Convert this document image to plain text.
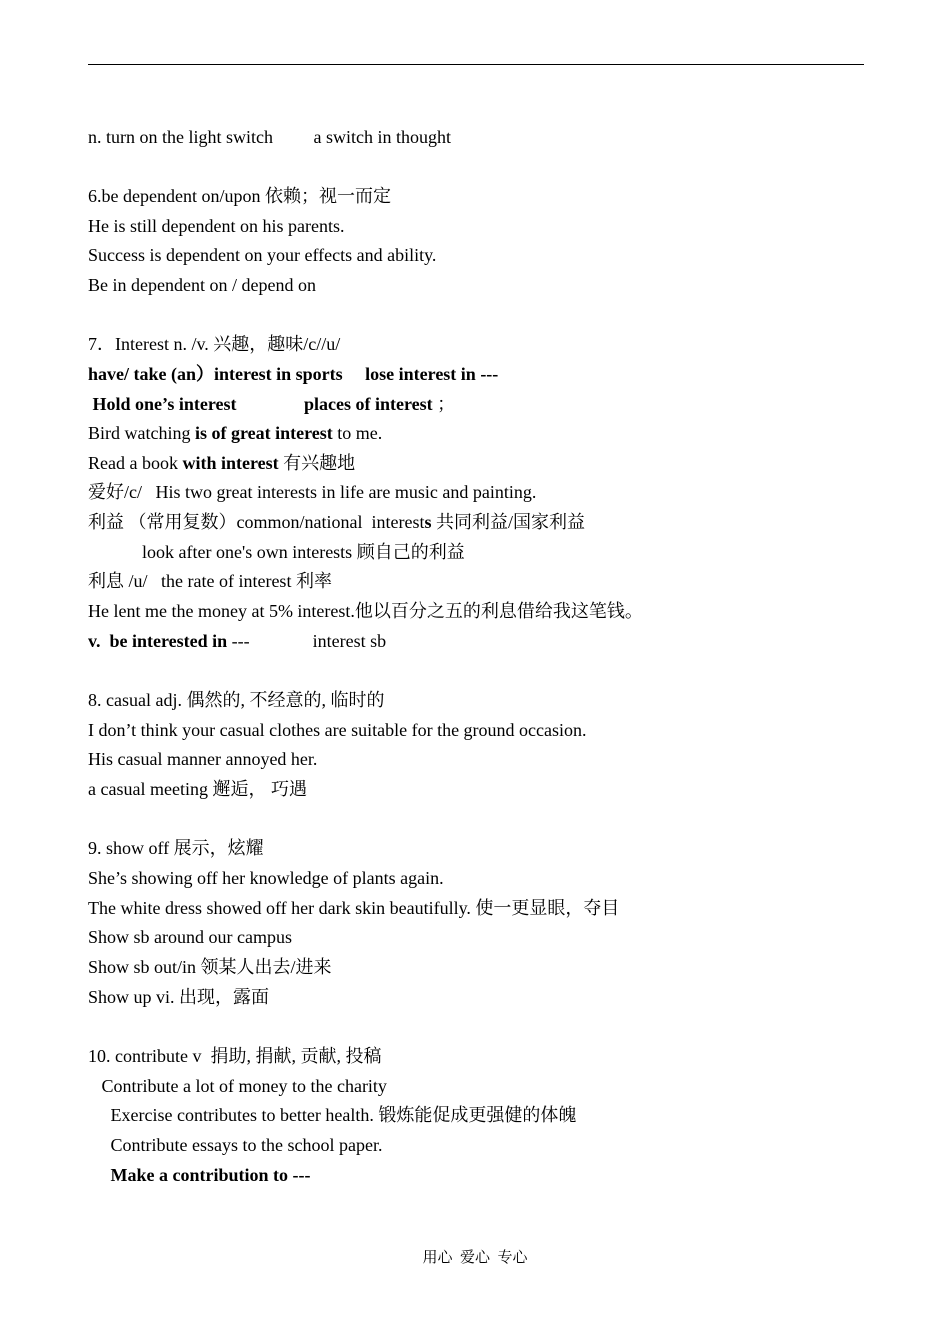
n. turn on the light switch         a switch in thought
6.be dependent on/upon 依赖；视一而定
He is still dependent on his parents.
Success is dependent on your effects and ability.
Be in dependent on / depend on
7．Interest n. /v. 兴趣，趣味/c//u/
have/ take (an）interest in sports     lose interest in ---
Hold one’s interest               places of interest ；
Bird watching is of great interest to me.
Read a book with interest 有兴趣地
爱好/c/   His two great interests in life are music and painting.
利益 （常用复数）common/national  interests 共同利益/国家利益
look after one's own interests 顾自己的利益
利息 /u/   the rate of interest 利率
He lent me the money at 5% interest.他以百分之五的利息借给我这笔钱。
v.  be interested in ---              interest sb
8. casual adj. 偶然的, 不经意的, 临时的
I don’t think your casual clothes are suitable for the ground occasion.
His casual manner annoyed her.
a casual meeting 邂逅， 巧遇
9. show off 展示，炫耀
She’s showing off her knowledge of plants again.
The white dress showed off her dark skin beautifully. 使一更显眼，夺目
Show sb around our campus
Show sb out/in 领某人出去/进来
Show up vi. 出现，露面
10. contribute v  捐助, 捐献, 贡献, 投稿
Contribute a lot of money to the charity
Exercise contributes to better health. 锻炼能促成更强健的体魄
Contribute essays to the school paper.
Make a contribution to ---
用心  爱心  专心
